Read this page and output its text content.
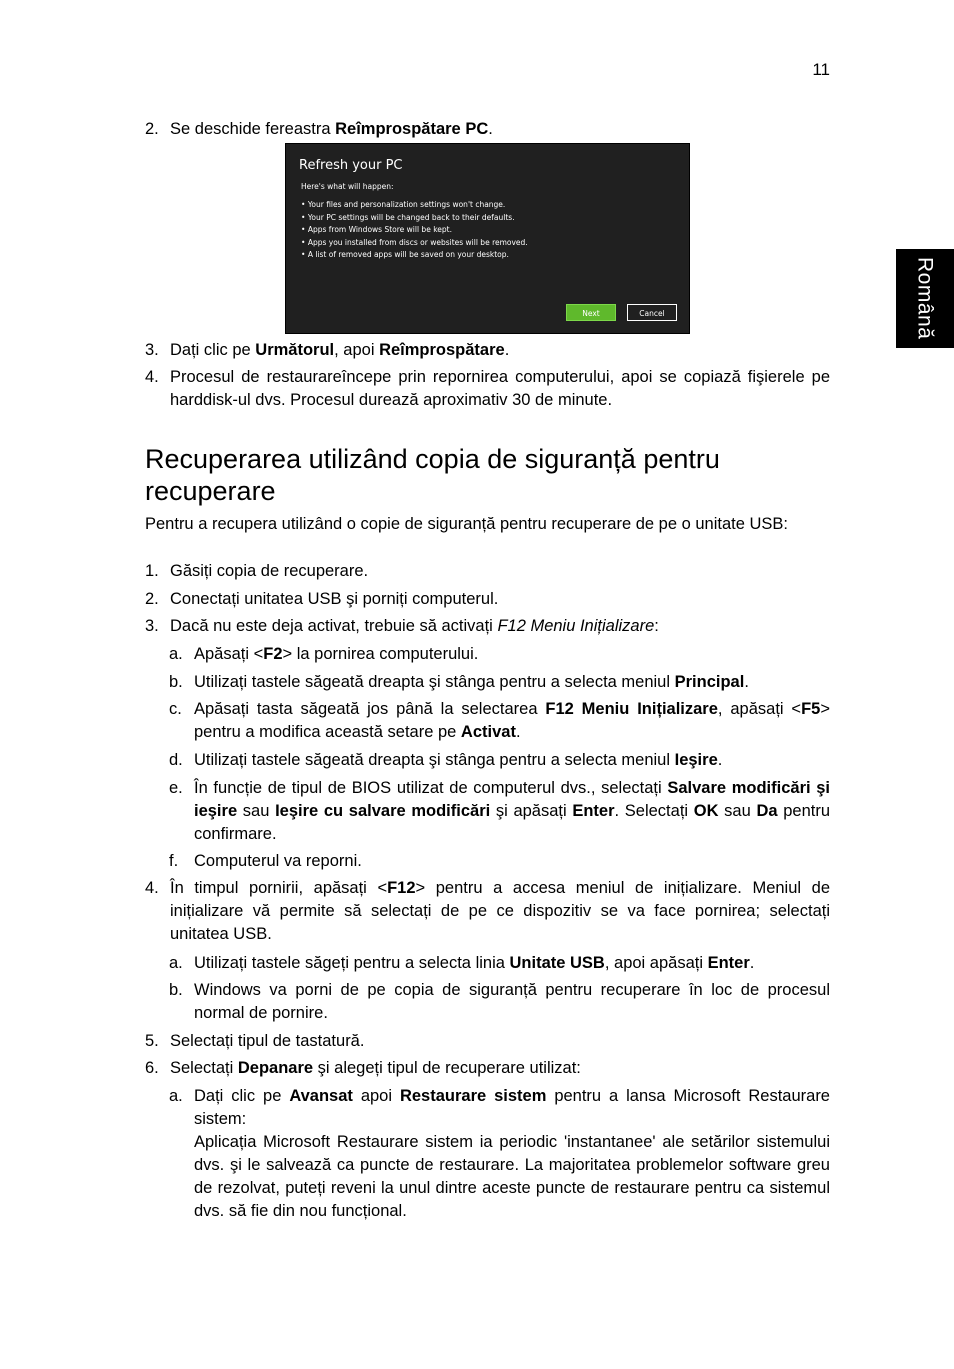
11
Română
2. Se deschide fereastra Reîmprospătare PC.
Refresh your PC
Here's what will happen:
• Your files and personalization settings won't change.
• Your PC settings will be changed back to their defaults.
• Apps from Windows Store will be kept.
• Apps you installed from discs or websites will be removed.
• A list of removed apps will be saved on your desktop.
Next	Cancel
3. Dați clic pe Următorul, apoi Reîmprospătare.
4. Procesul de restaurareîncepe prin repornirea computerului, apoi se copiază fişierele pe harddisk-ul dvs. Procesul durează aproximativ 30 de minute.
Recuperarea utilizând copia de siguranță pentru recuperare
Pentru a recupera utilizând o copie de siguranță pentru recuperare de pe o unitate USB:
1. Găsiți copia de recuperare.
2. Conectați unitatea USB şi porniți computerul.
3. Dacă nu este deja activat, trebuie să activați F12 Meniu Inițializare:
a. Apăsați <F2> la pornirea computerului.
b. Utilizați tastele săgeată dreapta şi stânga pentru a selecta meniul Principal.
c. Apăsați tasta săgeată jos până la selectarea F12 Meniu Inițializare, apăsați <F5> pentru a modifica această setare pe Activat.
d. Utilizați tastele săgeată dreapta şi stânga pentru a selecta meniul Ieşire.
e. În funcție de tipul de BIOS utilizat de computerul dvs., selectați Salvare modificări şi ieşire sau Ieşire cu salvare modificări şi apăsați Enter. Selectați OK sau Da pentru confirmare.
f. Computerul va reporni.
4. În timpul pornirii, apăsați <F12> pentru a accesa meniul de inițializare. Meniul de inițializare vă permite să selectați de pe ce dispozitiv se va face pornirea; selectați unitatea USB.
a. Utilizați tastele săgeți pentru a selecta linia Unitate USB, apoi apăsați Enter.
b. Windows va porni de pe copia de siguranță pentru recuperare în loc de procesul normal de pornire.
5. Selectați tipul de tastatură.
6. Selectați Depanare şi alegeți tipul de recuperare utilizat:
a. Dați clic pe Avansat apoi Restaurare sistem pentru a lansa Microsoft Restaurare sistem:
Aplicația Microsoft Restaurare sistem ia periodic 'instantanee' ale setărilor sistemului dvs. şi le salvează ca puncte de restaurare. La majoritatea problemelor software greu de rezolvat, puteți reveni la unul dintre aceste puncte de restaurare pentru ca sistemul dvs. să fie din nou funcțional.
